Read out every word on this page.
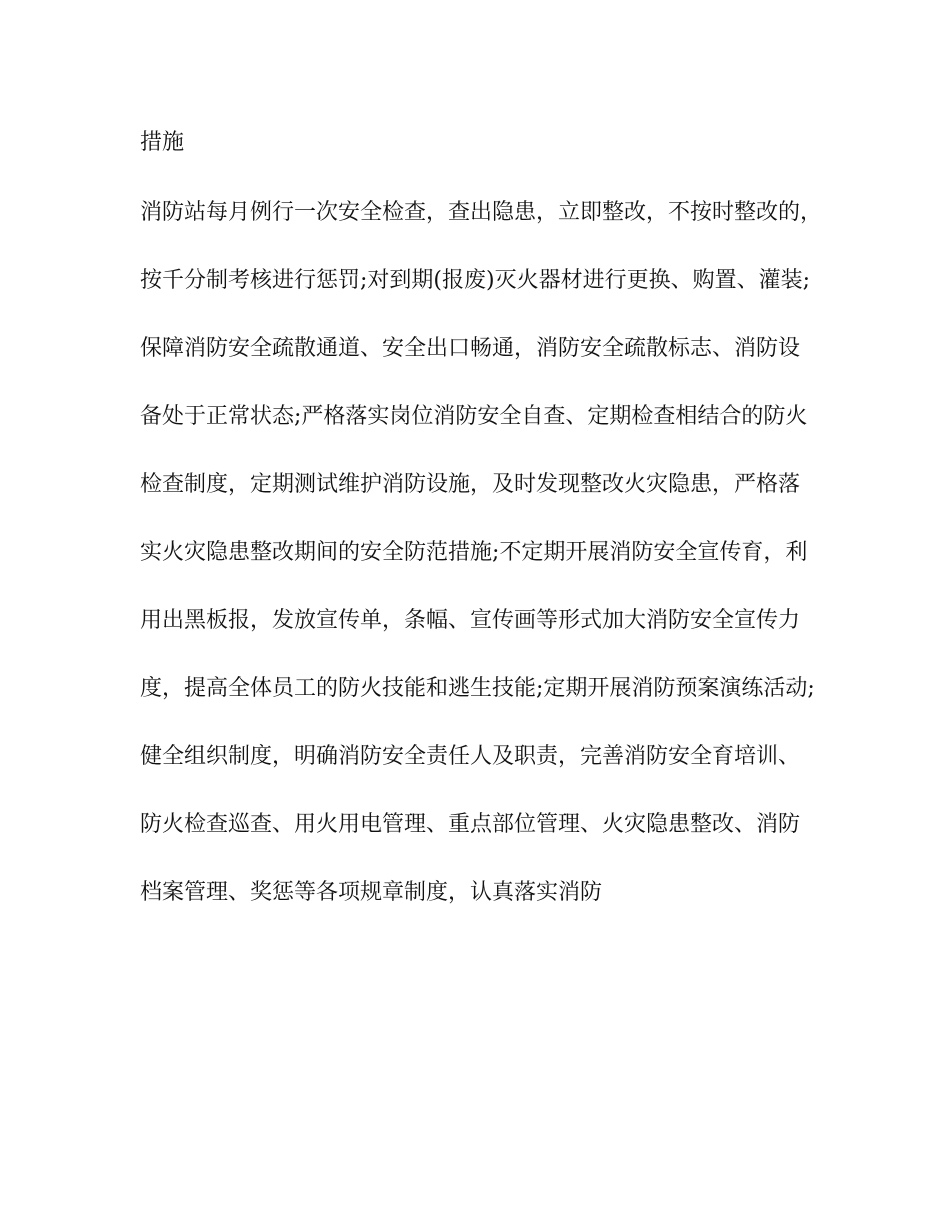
措施
消防站每月例行一次安全检查，查出隐患，立即整改，不按时整改的，
按千分制考核进行惩罚;对到期(报废)灭火器材进行更换、购置、灌装;
保障消防安全疏散通道、安全出口畅通，消防安全疏散标志、消防设
备处于正常状态;严格落实岗位消防安全自查、定期检查相结合的防火
检查制度，定期测试维护消防设施，及时发现整改火灾隐患，严格落
实火灾隐患整改期间的安全防范措施;不定期开展消防安全宣传育，利
用出黑板报，发放宣传单，条幅、宣传画等形式加大消防安全宣传力
度，提高全体员工的防火技能和逃生技能;定期开展消防预案演练活动;
健全组织制度，明确消防安全责任人及职责，完善消防安全育培训、
防火检查巡查、用火用电管理、重点部位管理、火灾隐患整改、消防
档案管理、奖惩等各项规章制度，认真落实消防
